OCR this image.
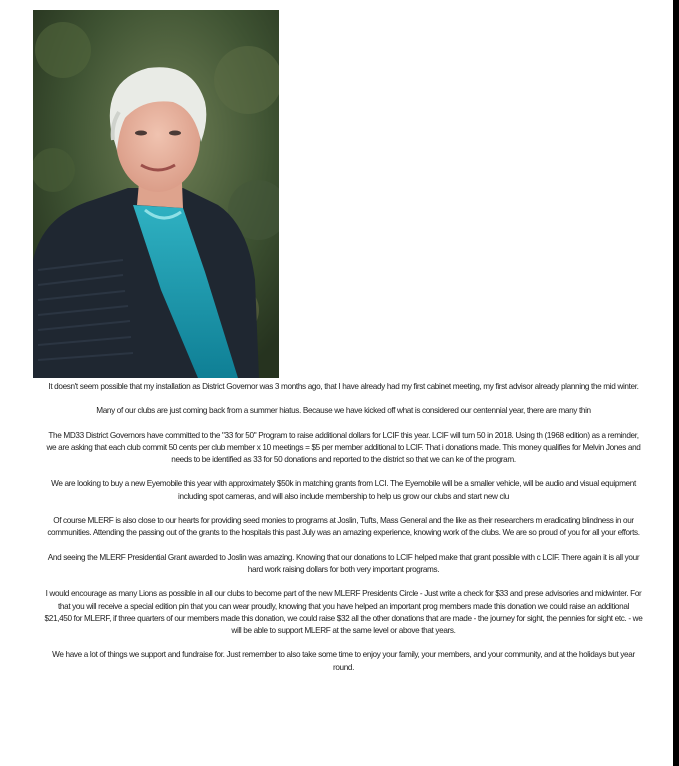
It doesn't seem possible that my installation as District Governor was 3 months ago, that I have already had my first cabinet meeting, my first advisor already planning the mid winter.

Many of our clubs are just coming back from a summer hiatus. Because we have kicked off what is considered our centennial year, there are many thin

The MD33 District Governors have committed to the "33 for 50" Program to raise additional dollars for LCIF this year. LCIF will turn 50 in 2018. Using th (1968 edition) as a reminder, we are asking that each club commit 50 cents per club member x 10 meetings = $5 per member additional to LCIF. That i donations made. This money qualifies for Melvin Jones and needs to be identified as 33 for 50 donations and reported to the district so that we can ke of the program.

We are looking to buy a new Eyemobile this year with approximately $50k in matching grants from LCI. The Eyemobile will be a smaller vehicle, will be audio and visual equipment including spot cameras, and will also include membership to help us grow our clubs and start new clu

Of course MLERF is also close to our hearts for providing seed monies to programs at Joslin, Tufts, Mass General and the like as their researchers m eradicating blindness in our communities. Attending the passing out of the grants to the hospitals this past July was an amazing experience, knowing work of the clubs. We are so proud of you for all your efforts.

And seeing the MLERF Presidential Grant awarded to Joslin was amazing. Knowing that our donations to LCIF helped make that grant possible with c LCIF. There again it is all your hard work raising dollars for both very important programs.

I would encourage as many Lions as possible in all our clubs to become part of the new MLERF Presidents Circle - Just write a check for $33 and prese advisories and midwinter. For that you will receive a special edition pin that you can wear proudly, knowing that you have helped an important prog members made this donation we could raise an additional $21,450 for MLERF, if three quarters of our members made this donation, we could raise $32 all the other donations that are made - the journey for sight, the pennies for sight etc. - we will be able to support MLERF at the same level or above that years.

We have a lot of things we support and fundraise for. Just remember to also take some time to enjoy your family, your members, and your community, and at the holidays but year round.
